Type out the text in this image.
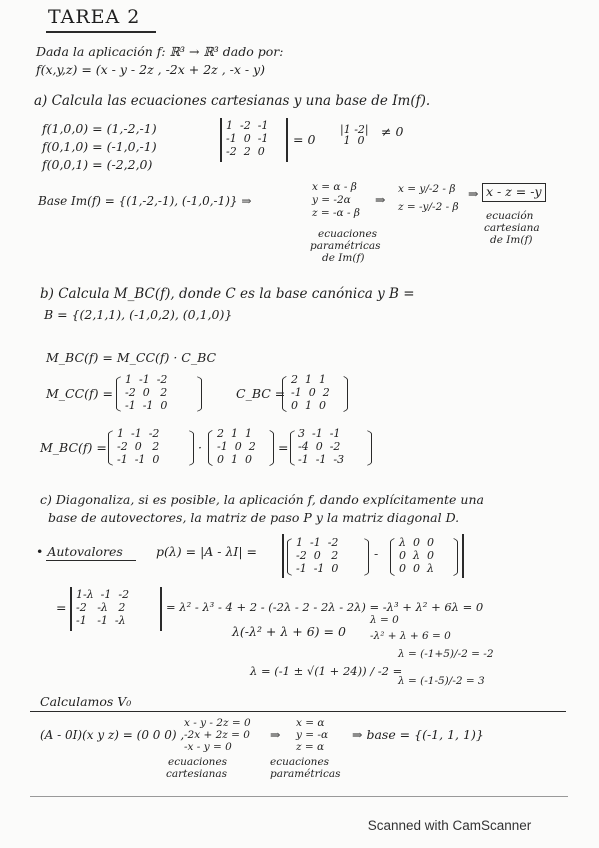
TAREA 2
Dada la aplicación f: ℝ³ → ℝ³ dado por:
f(x,y,z) = (x - y - 2z , -2x + 2z , -x - y)
a) Calcula las ecuaciones cartesianas y una base de Im(f).
f(1,0,0) = (1,-2,-1)
f(0,1,0) = (-1,0,-1)
f(0,0,1) = (-2,2,0)
1  -2  -1
-1  0  -1
-2  2  0
= 0
|1 -2|
1  0
≠ 0
Base Im(f) = {(1,-2,-1), (-1,0,-1)} ⇒
x = α - β
y = -2α
z = -α - β
⇒
x = y/-2 - β
z = -y/-2 - β
⇒ x - z = -y
ecuaciones
paramétricas
de Im(f)
ecuación
cartesiana
de Im(f)
b) Calcula M_BC(f), donde C es la base canónica y B =
B = {(2,1,1), (-1,0,2), (0,1,0)}
M_BC(f) = M_CC(f) · C_BC
M_CC(f) =
1  -1  -2
-2  0   2
-1  -1  0
C_BC =
2  1  1
-1  0  2
0  1  0
M_BC(f) =
1  -1  -2
-2  0   2
-1  -1  0
·
2  1  1
-1  0  2
0  1  0
=
3  -1  -1
-4  0  -2
-1  -1  -3
c) Diagonaliza, si es posible, la aplicación f, dando explícitamente una
base de autovectores, la matriz de paso P y la matriz diagonal D.
• Autovalores	p(λ) = |A - λI| =
1  -1  -2
-2  0   2
-1  -1  0
-
λ  0  0
0  λ  0
0  0  λ
=
1-λ  -1  -2
-2   -λ   2
-1   -1  -λ
= λ² - λ³ - 4 + 2 - (-2λ - 2 - 2λ - 2λ) = -λ³ + λ² + 6λ = 0
λ(-λ² + λ + 6) = 0
λ = 0
-λ² + λ + 6 = 0
λ = (-1 ± √(1 + 24)) / -2 =
λ = (-1+5)/-2 = -2
λ = (-1-5)/-2 = 3
Calculamos V₀
(A - 0I)(x y z) = (0 0 0) ,
x - y - 2z = 0
-2x + 2z = 0
-x - y = 0
⇒
x = α
y = -α
z = α
⇒ base = {(-1, 1, 1)}
ecuaciones
cartesianas
ecuaciones
paramétricas
Scanned with CamScanner
